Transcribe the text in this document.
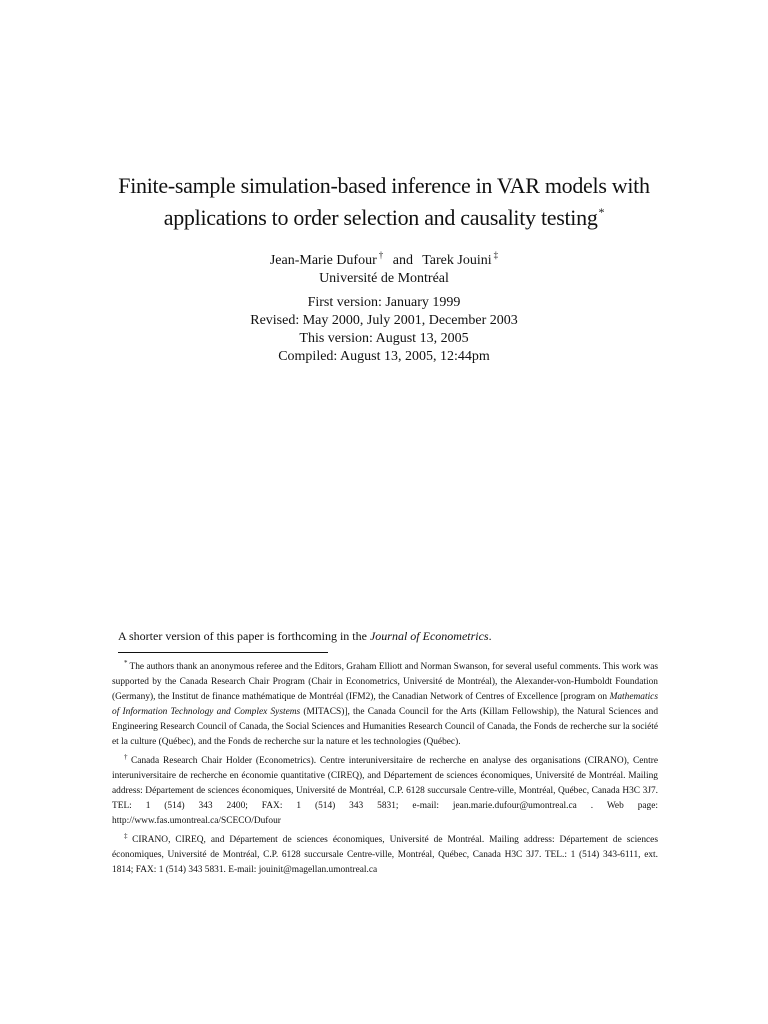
Finite-sample simulation-based inference in VAR models with
applications to order selection and causality testing*
Jean-Marie Dufour † and Tarek Jouini ‡
Université de Montréal
First version: January 1999
Revised: May 2000, July 2001, December 2003
This version: August 13, 2005
Compiled: August 13, 2005, 12:44pm
A shorter version of this paper is forthcoming in the Journal of Econometrics.

* The authors thank an anonymous referee and the Editors, Graham Elliott and Norman Swanson, for several useful comments. This work was supported by the Canada Research Chair Program (Chair in Econometrics, Université de Montréal), the Alexander-von-Humboldt Foundation (Germany), the Institut de finance mathématique de Montréal (IFM2), the Canadian Network of Centres of Excellence [program on Mathematics of Information Technology and Complex Systems (MITACS)], the Canada Council for the Arts (Killam Fellowship), the Natural Sciences and Engineering Research Council of Canada, the Social Sciences and Humanities Research Council of Canada, the Fonds de recherche sur la société et la culture (Québec), and the Fonds de recherche sur la nature et les technologies (Québec).

† Canada Research Chair Holder (Econometrics). Centre interuniversitaire de recherche en analyse des organisations (CIRANO), Centre interuniversitaire de recherche en économie quantitative (CIREQ), and Département de sciences économiques, Université de Montréal. Mailing address: Département de sciences économiques, Université de Montréal, C.P. 6128 succursale Centre-ville, Montréal, Québec, Canada H3C 3J7. TEL: 1 (514) 343 2400; FAX: 1 (514) 343 5831; e-mail: jean.marie.dufour@umontreal.ca . Web page: http://www.fas.umontreal.ca/SCECO/Dufour

‡ CIRANO, CIREQ, and Département de sciences économiques, Université de Montréal. Mailing address: Département de sciences économiques, Université de Montréal, C.P. 6128 succursale Centre-ville, Montréal, Québec, Canada H3C 3J7. TEL.: 1 (514) 343-6111, ext. 1814; FAX: 1 (514) 343 5831. E-mail: jouinit@magellan.umontreal.ca
